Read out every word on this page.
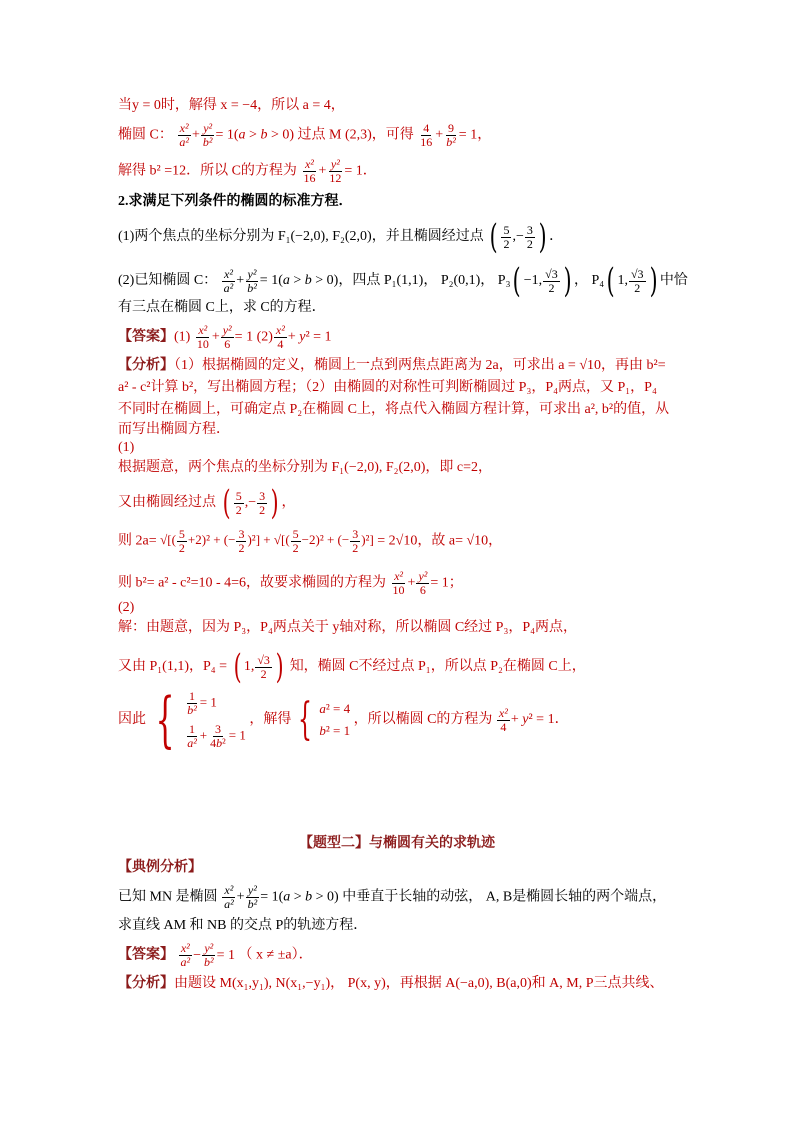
当y = 0时，解得 x = −4，所以 a = 4，
椭圆 C： $\frac{\text{x²}}{\text{a²}} + \frac{\text{y²}}{\text{b²}} = 1(a > b > 0)$ 过点 M (2,3)，可得 $\frac{4}{16} + \frac{9}{\text{b²}} = 1$，
解得 b² =12．所以 C的方程为 $\frac{\text{x²}}{16} + \frac{\text{y²}}{12} = 1$．
2.求满足下列条件的椭圆的标准方程．
(1)两个焦点的坐标分别为 F₁(−2,0), F₂(2,0)，并且椭圆经过点 ( $\frac{5}{2}$ ,− $\frac{3}{2}$ ) ．
(2)已知椭圆 C： $\frac{\text{x²}}{\text{a²}} + \frac{\text{y²}}{\text{b²}} = 1(a > b > 0)$，四点 P₁(1,1)， P₂(0,1)， P₃( −1, $\frac{√3}{2}$ ) ， P₄( 1, $\frac{√3}{2}$ ) 中恰
有三点在椭圆 C上，求 C的方程．
【答案】$(1) \frac{\text{x²}}{10} + \frac{\text{y²}}{6} = 1$ $(2) \frac{\text{x²}}{4} + y^2 = 1$
【分析】（1）根据椭圆的定义，椭圆上一点到两焦点距离为 2a，可求出 a = √10，再由 b²=
a² - c²计算 b²，写出椭圆方程；（2）由椭圆的对称性可判断椭圆过 P₃，P₄两点，又 P₁，P₄
不同时在椭圆上，可确定点 P₂在椭圆 C上，将点代入椭圆方程计算，可求出 a², b²的值，从
而写出椭圆方程．
(1)
根据题意，两个焦点的坐标分别为 F₁(−2,0), F₂(2,0)，即 c=2，
又由椭圆经过点 ( $\frac{5}{2}$ ,− $\frac{3}{2}$ ) ，
则 2a= √[( $\frac{5}{2} +2)^2$ + (− $\frac{3}{2} )^2$] + √[( $\frac{5}{2} -2)^2$ + (− $\frac{3}{2} )^2] = 2√10$，故 a= √10，
则 b²= a² - c²=10 - 4=6，故要求椭圆的方程为 $\frac{\text{x²}}{10} + \frac{\text{y²}}{6} = 1$；
(2)
解：由题意，因为 P₃，P₄两点关于 y轴对称，所以椭圆 C经过 P₃，P₄两点，
又由 P₁(1,1)，P₄ = ( 1, $\frac{√3}{2}$ ) 知，椭圆 C不经过点 P₁，所以点 P₂在椭圆 C上，
因此 { $\frac{1}{\text{b²}} = 1$
$\frac{1}{\text{a²}} + \frac{3}{\text{4b²}} = 1$
，解得 { a² = 4
b² = 1
，所以椭圆 C的方程为 $\frac{\text{x²}}{4} + y^2 = 1$．
【题型二】与椭圆有关的求轨迹
【典例分析】
已知 MN 是椭圆 $\frac{\text{x²}}{\text{a²}} + \frac{\text{y²}}{\text{b²}} = 1(a > b > 0)$ 中垂直于长轴的动弦， A, B是椭圆长轴的两个端点，
求直线 AM 和 NB 的交点 P的轨迹方程．
【答案】 $\frac{\text{x²}}{\text{a²}} - \frac{\text{y²}}{\text{b²}} = 1$ （ x ≠ ±a）．
【分析】由题设 M(x₁,y₁), N(x₁,−y₁)， P(x, y)，再根据 A(−a,0), B(a,0)和 A, M, P三点共线、
